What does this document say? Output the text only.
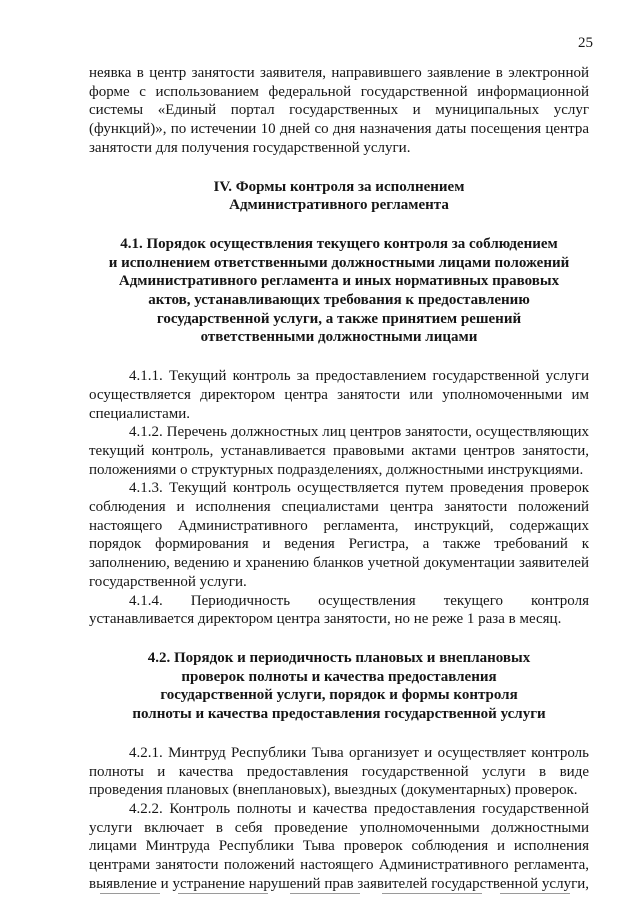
25

неявка в центр занятости заявителя, направившего заявление в электронной форме с использованием федеральной государственной информационной системы «Единый портал государственных и муниципальных услуг (функций)», по истечении 10 дней со дня назначения даты посещения центра занятости для получения государственной услуги.

IV. Формы контроля за исполнением
Административного регламента
4.1. Порядок осуществления текущего контроля за соблюдением
и исполнением ответственными должностными лицами положений
Административного регламента и иных нормативных правовых
актов, устанавливающих требования к предоставлению
государственной услуги, а также принятием решений
ответственными должностными лицами

4.1.1. Текущий контроль за предоставлением государственной услуги осуществляется директором центра занятости или уполномоченными им специалистами.

4.1.2. Перечень должностных лиц центров занятости, осуществляющих текущий контроль, устанавливается правовыми актами центров занятости, положениями о структурных подразделениях, должностными инструкциями.

4.1.3. Текущий контроль осуществляется путем проведения проверок соблюдения и исполнения специалистами центра занятости положений настоящего Административного регламента, инструкций, содержащих порядок формирования и ведения Регистра, а также требований к заполнению, ведению и хранению бланков учетной документации заявителей государственной услуги.

4.1.4. Периодичность осуществления текущего контроля

устанавливается директором центра занятости, но не реже 1 раза в месяц.

4.2. Порядок и периодичность плановых и внеплановых
проверок полноты и качества предоставления
государственной услуги, порядок и формы контроля
полноты и качества предоставления государственной услуги

4.2.1. Минтруд Республики Тыва организует и осуществляет контроль полноты и качества предоставления государственной услуги в виде проведения плановых (внеплановых), выездных (документарных) проверок.

4.2.2. Контроль полноты и качества предоставления государственной услуги включает в себя проведение уполномоченными должностными лицами Минтруда Республики Тыва проверок соблюдения и исполнения центрами занятости положений настоящего Административного регламента, выявление и устранение нарушений прав заявителей государственной услуги,
